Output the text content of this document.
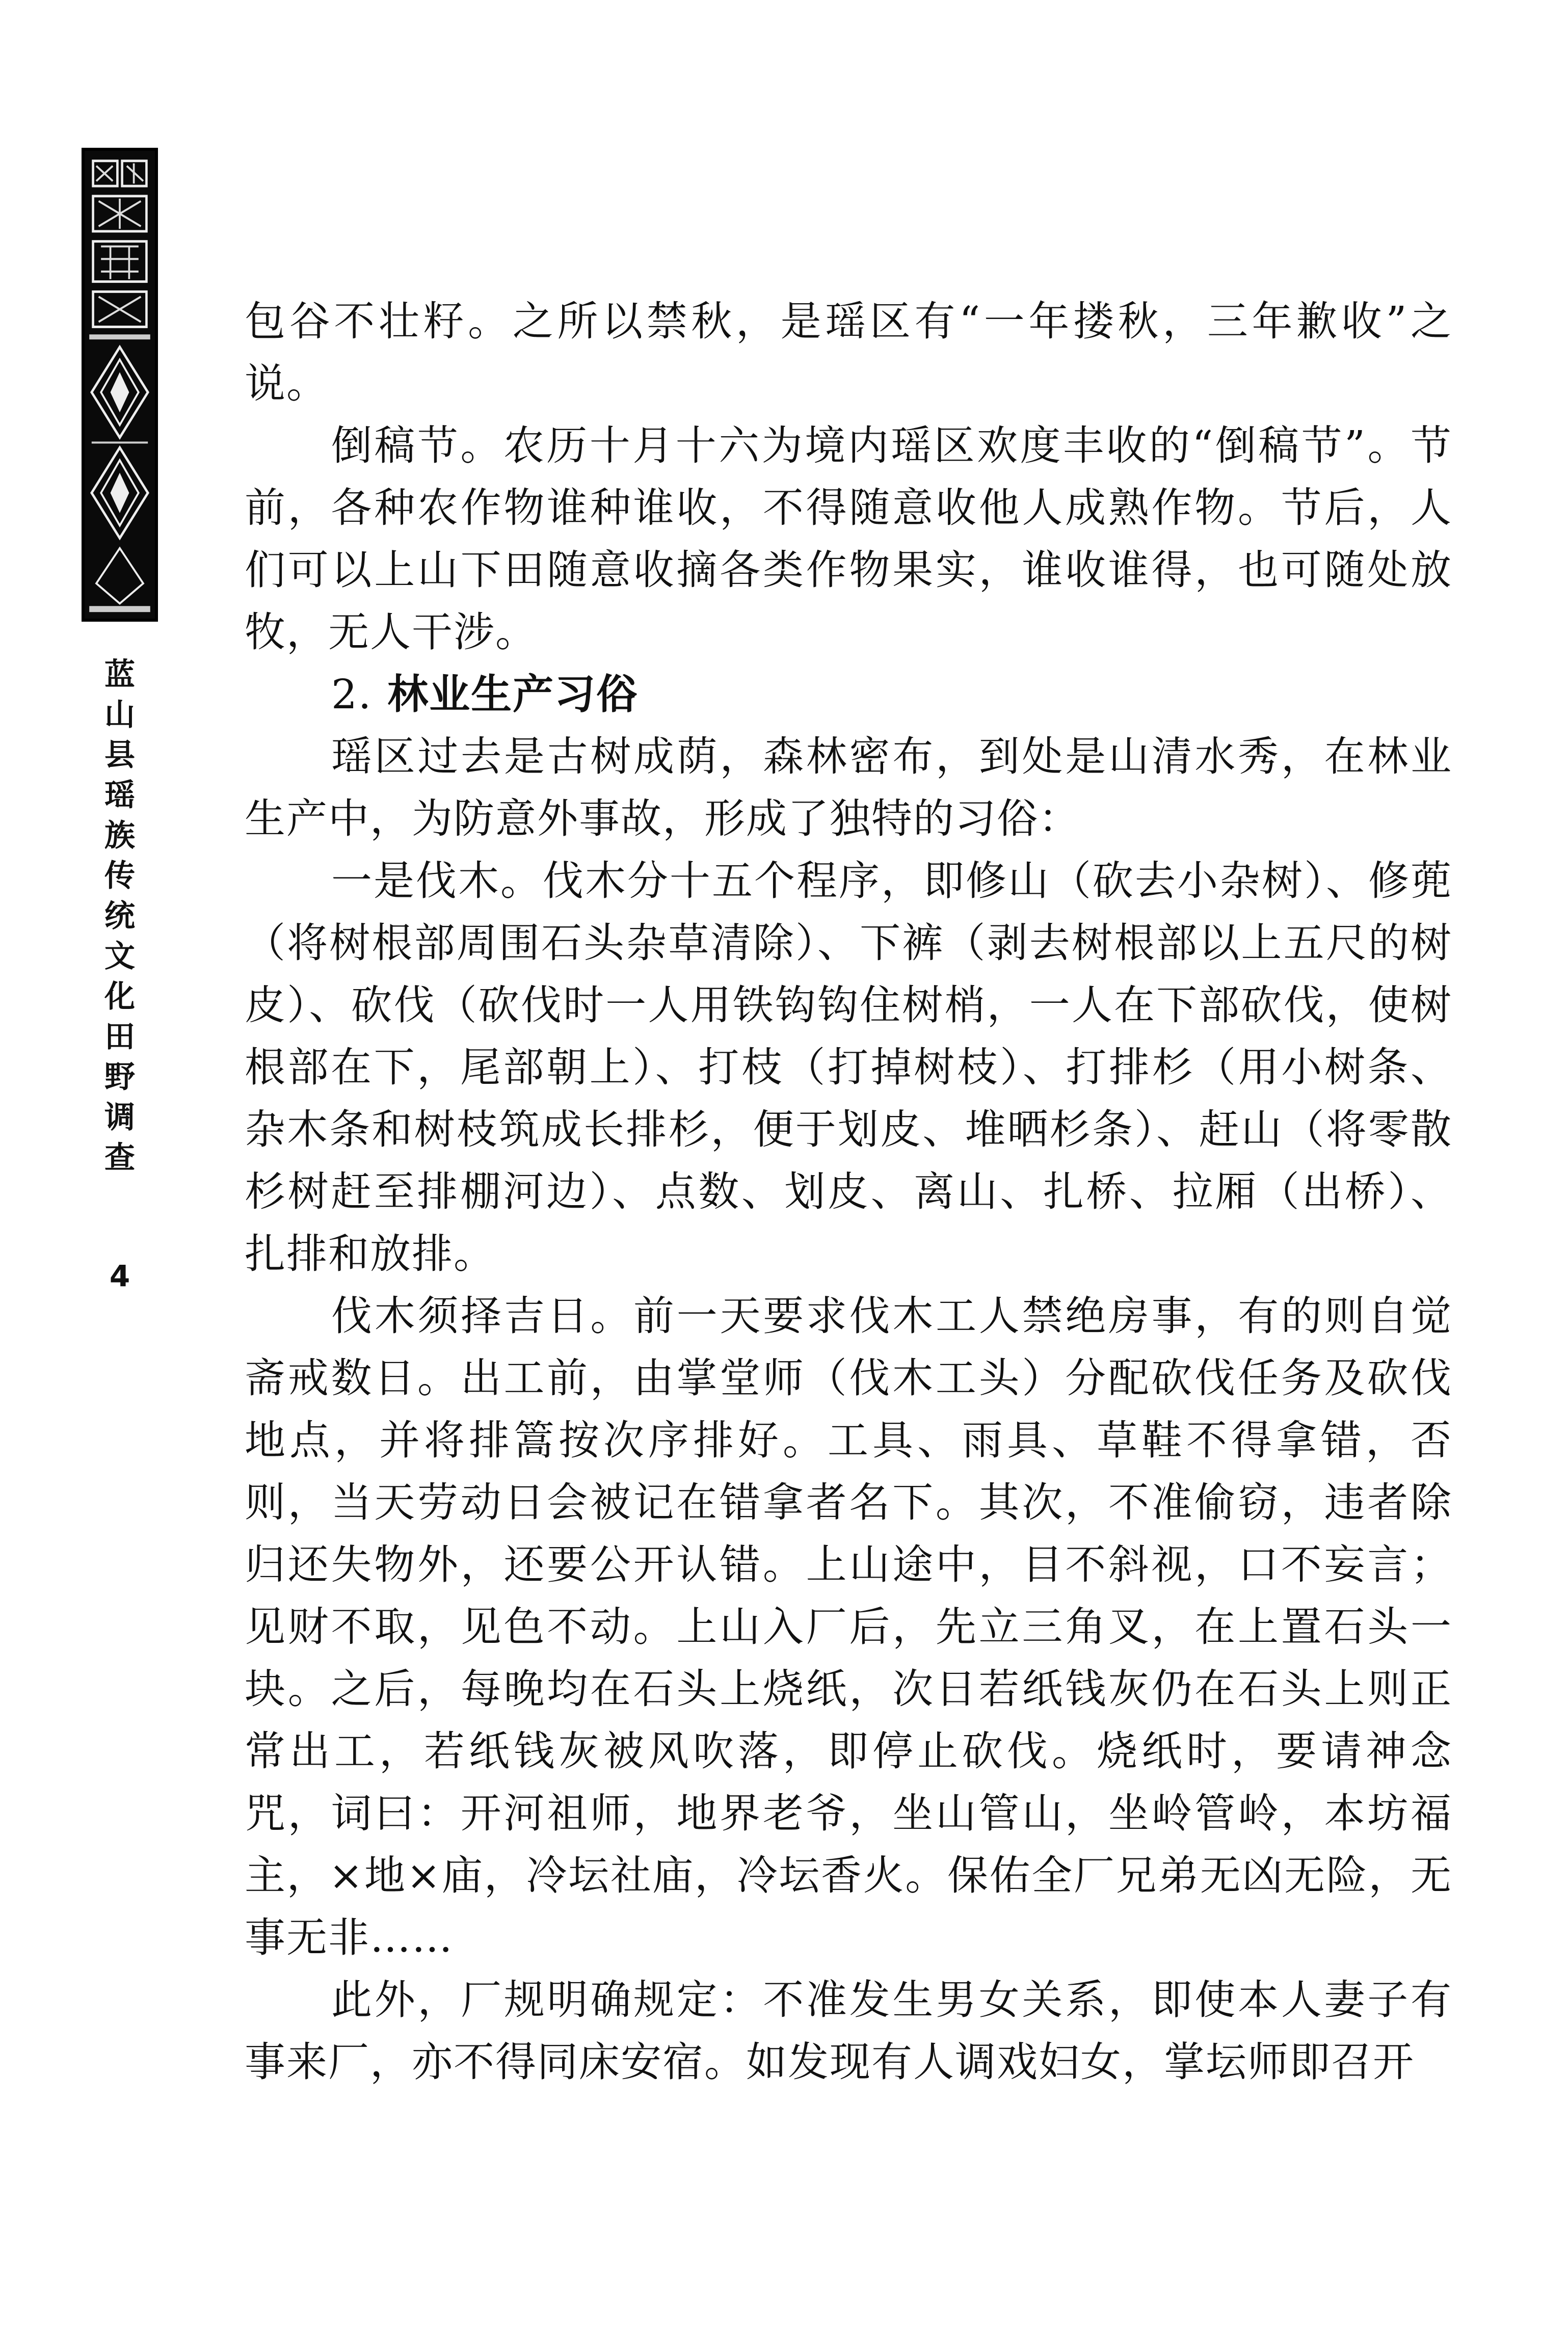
蓝山县瑶族传统文化田野调查
4

包谷不壮籽。之所以禁秋，是瑶区有“一年搂秋，三年歉收”之说。

倒稿节。农历十月十六为境内瑶区欢度丰收的“倒稿节”。节前，各种农作物谁种谁收，不得随意收他人成熟作物。节后，人们可以上山下田随意收摘各类作物果实，谁收谁得，也可随处放牧，无人干涉。

2. 林业生产习俗

瑶区过去是古树成荫，森林密布，到处是山清水秀，在林业生产中，为防意外事故，形成了独特的习俗：

一是伐木。伐木分十五个程序，即修山（砍去小杂树）、修蔸（将树根部周围石头杂草清除）、下裤（剥去树根部以上五尺的树皮）、砍伐（砍伐时一人用铁钩钩住树梢，一人在下部砍伐，使树根部在下，尾部朝上）、打枝（打掉树枝）、打排杉（用小树条、杂木条和树枝筑成长排杉，便于划皮、堆晒杉条）、赶山（将零散杉树赶至排棚河边）、点数、划皮、离山、扎桥、拉厢（出桥）、扎排和放排。

伐木须择吉日。前一天要求伐木工人禁绝房事，有的则自觉斋戒数日。出工前，由掌堂师（伐木工头）分配砍伐任务及砍伐地点，并将排篙按次序排好。工具、雨具、草鞋不得拿错，否则，当天劳动日会被记在错拿者名下。其次，不准偷窃，违者除归还失物外，还要公开认错。上山途中，目不斜视，口不妄言；见财不取，见色不动。上山入厂后，先立三角叉，在上置石头一块。之后，每晚均在石头上烧纸，次日若纸钱灰仍在石头上则正常出工，若纸钱灰被风吹落，即停止砍伐。烧纸时，要请神念咒，词曰：开河祖师，地界老爷，坐山管山，坐岭管岭，本坊福主，×地×庙，冷坛社庙，冷坛香火。保佑全厂兄弟无凶无险，无事无非……

此外，厂规明确规定：不准发生男女关系，即使本人妻子有事来厂，亦不得同床安宿。如发现有人调戏妇女，掌坛师即召开
